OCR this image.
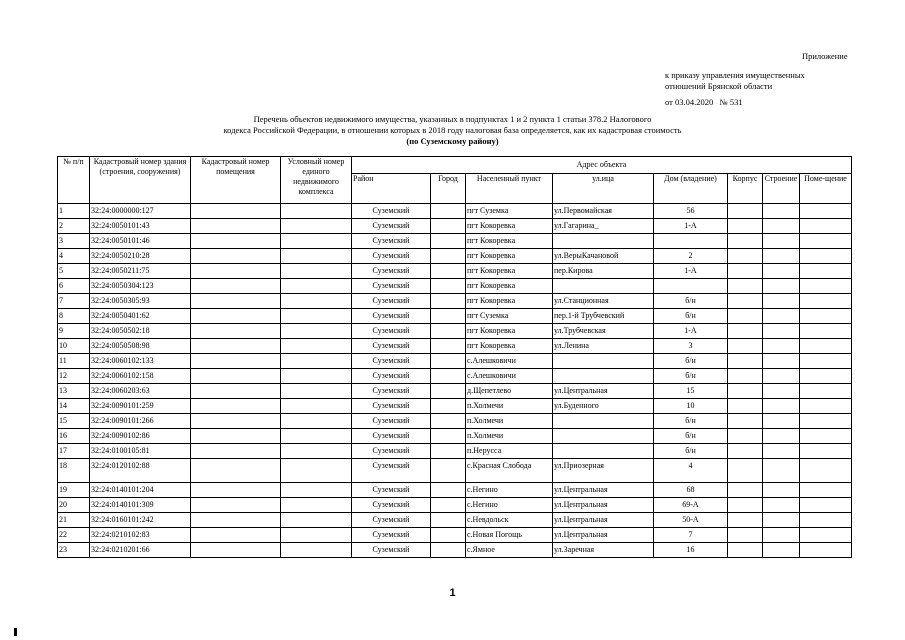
Приложение
к приказу управления имущественных
отношений Брянской области
от 03.04.2020 № 531
Перечень объектов недвижимого имущества, указанных в подпунктах 1 и 2 пункта 1 статьи 378.2 Налогового
кодекса Российской Федерации, в отношении которых в 2018 году налоговая база определяется, как их кадастровая стоимость
(по Суземскому району)
№ п/п	Кадастровый номер здания (строения, сооружения)	Кадастровый номер помещения	Условный номер единого недвижимого комплекса	Адрес объекта							
				Район	Город	Населенный пункт	ул.ица	Дом (владение)	Корпус	Строение	Поме-щение
1	32:24:0000000:127			Суземский		пгт Суземка	ул.Первомайская	56			
2	32:24:0050101:43			Суземский		пгт Кокоревка	ул.Гагарина_	1-А			
3	32:24:0050101:46			Суземский		пгт Кокоревка					
4	32:24:0050210:28			Суземский		пгт Кокоревка	ул.ВерыКачановой	2			
5	32:24:0050211:75			Суземский		пгт Кокоревка	пер.Кирова	1-А			
6	32:24:0050304:123			Суземский		пгт Кокоревка					
7	32:24:0050305:93			Суземский		пгт Кокоревка	ул.Станционная	б/н			
8	32:24:0050401:62			Суземский		пгт Суземка	пер.1-й Трубчевский	б/н			
9	32:24:0050502:18			Суземский		пгт Кокоревка	ул.Трубчевская	1-А			
10	32:24:0050508:98			Суземский		пгт Кокоревка	ул.Ленина	3			
11	32:24:0060102:133			Суземский		с.Алешковичи		б/н			
12	32:24:0060102:158			Суземский		с.Алешковичи		б/н			
13	32:24:0060203:63			Суземский		д.Щепетлево	ул.Центральная	15			
14	32:24:0090101:259			Суземский		п.Холмечи	ул.Буденного	10			
15	32:24:0090101:266			Суземский		п.Холмечи		б/н			
16	32:24:0090102:86			Суземский		п.Холмечи		б/н			
17	32:24:0100105:81			Суземский		п.Нерусса		б/н			
18	32:24:0120102:88			Суземский		с.Красная Слобода	ул.Приозерная	4			
19	32:24:0140101:204			Суземский		с.Негино	ул.Центральная	68			
20	32:24:0140101:309			Суземский		с.Негино	ул.Центральная	69-А			
21	32:24:0160101:242			Суземский		с.Невдольск	ул.Центральная	50-А			
22	32:24:0210102:83			Суземский		с.Новая Погощь	ул.Центральная	7			
23	32:24:0210201:66			Суземский		с.Ямное	ул.Заречная	16			
1
